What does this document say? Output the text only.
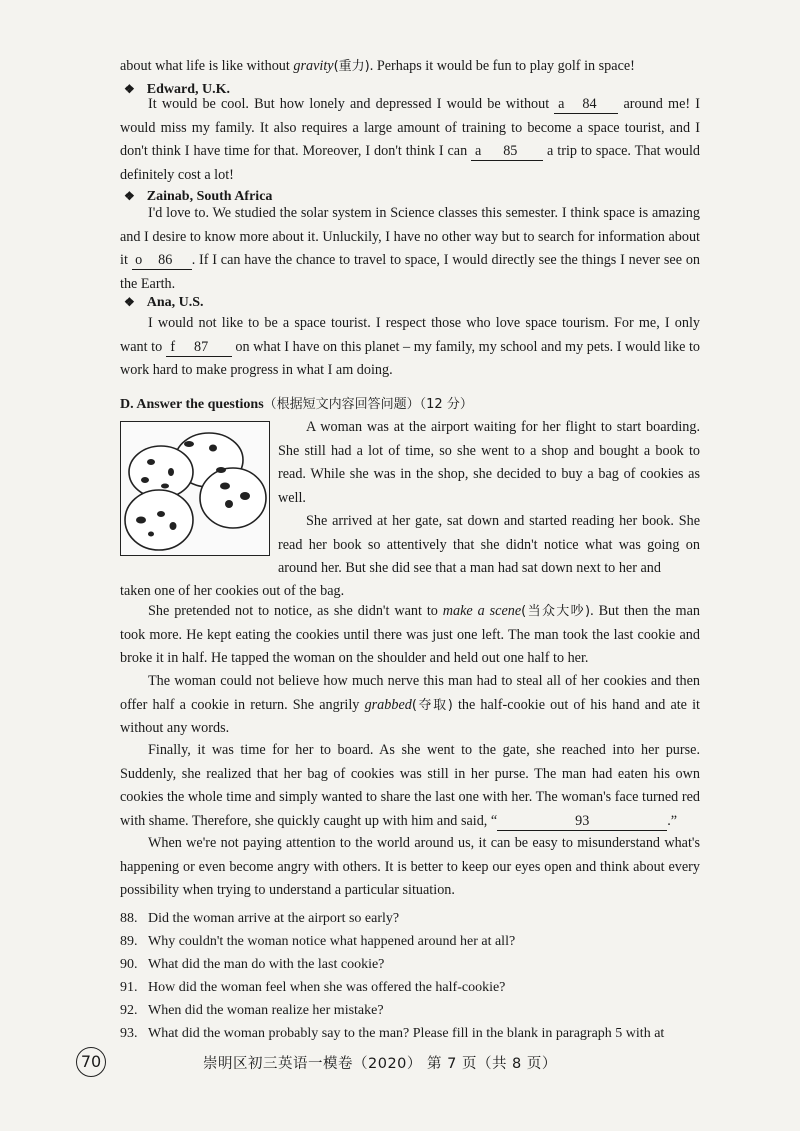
about what life is like without gravity(重力). Perhaps it would be fun to play golf in space!

❖ Edward, U.K.

It would be cool. But how lonely and depressed I would be without a 84 around me! I would miss my family. It also requires a large amount of training to become a space tourist, and I don't think I have time for that. Moreover, I don't think I can a 85 a trip to space. That would definitely cost a lot!

❖ Zainab, South Africa

I'd love to. We studied the solar system in Science classes this semester. I think space is amazing and I desire to know more about it. Unluckily, I have no other way but to search for information about it o 86 . If I can have the chance to travel to space, I would directly see the things I never see on the Earth.

❖ Ana, U.S.

I would not like to be a space tourist. I respect those who love space tourism. For me, I only want to f 87 on what I have on this planet – my family, my school and my pets. I would like to work hard to make progress in what I am doing.

D. Answer the questions（根据短文内容回答问题）（12 分）

A woman was at the airport waiting for her flight to start boarding. She still had a lot of time, so she went to a shop and bought a book to read. While she was in the shop, she decided to buy a bag of cookies as well.

She arrived at her gate, sat down and started reading her book. She read her book so attentively that she didn't notice what was going on around her. But she did see that a man had sat down next to her and

taken one of her cookies out of the bag.

She pretended not to notice, as she didn't want to make a scene(当众大吵). But then the man took more. He kept eating the cookies until there was just one left. The man took the last cookie and broke it in half. He tapped the woman on the shoulder and held out one half to her.

The woman could not believe how much nerve this man had to steal all of her cookies and then offer half a cookie in return. She angrily grabbed(夺取) the half-cookie out of his hand and ate it without any words.

Finally, it was time for her to board. As she went to the gate, she reached into her purse. Suddenly, she realized that her bag of cookies was still in her purse. The man had eaten his own cookies the whole time and simply wanted to share the last one with her. The woman's face turned red with shame. Therefore, she quickly caught up with him and said, “	93	.”

When we're not paying attention to the world around us, it can be easy to misunderstand what's happening or even become angry with others. It is better to keep our eyes open and think about every possibility when trying to understand a particular situation.

88. Did the woman arrive at the airport so early?
89. Why couldn't the woman notice what happened around her at all?
90. What did the man do with the last cookie?
91. How did the woman feel when she was offered the half-cookie?
92. When did the woman realize her mistake?
93. What did the woman probably say to the man? Please fill in the blank in paragraph 5 with at
70	崇明区初三英语一模卷（2020） 第 7 页（共 8 页）
